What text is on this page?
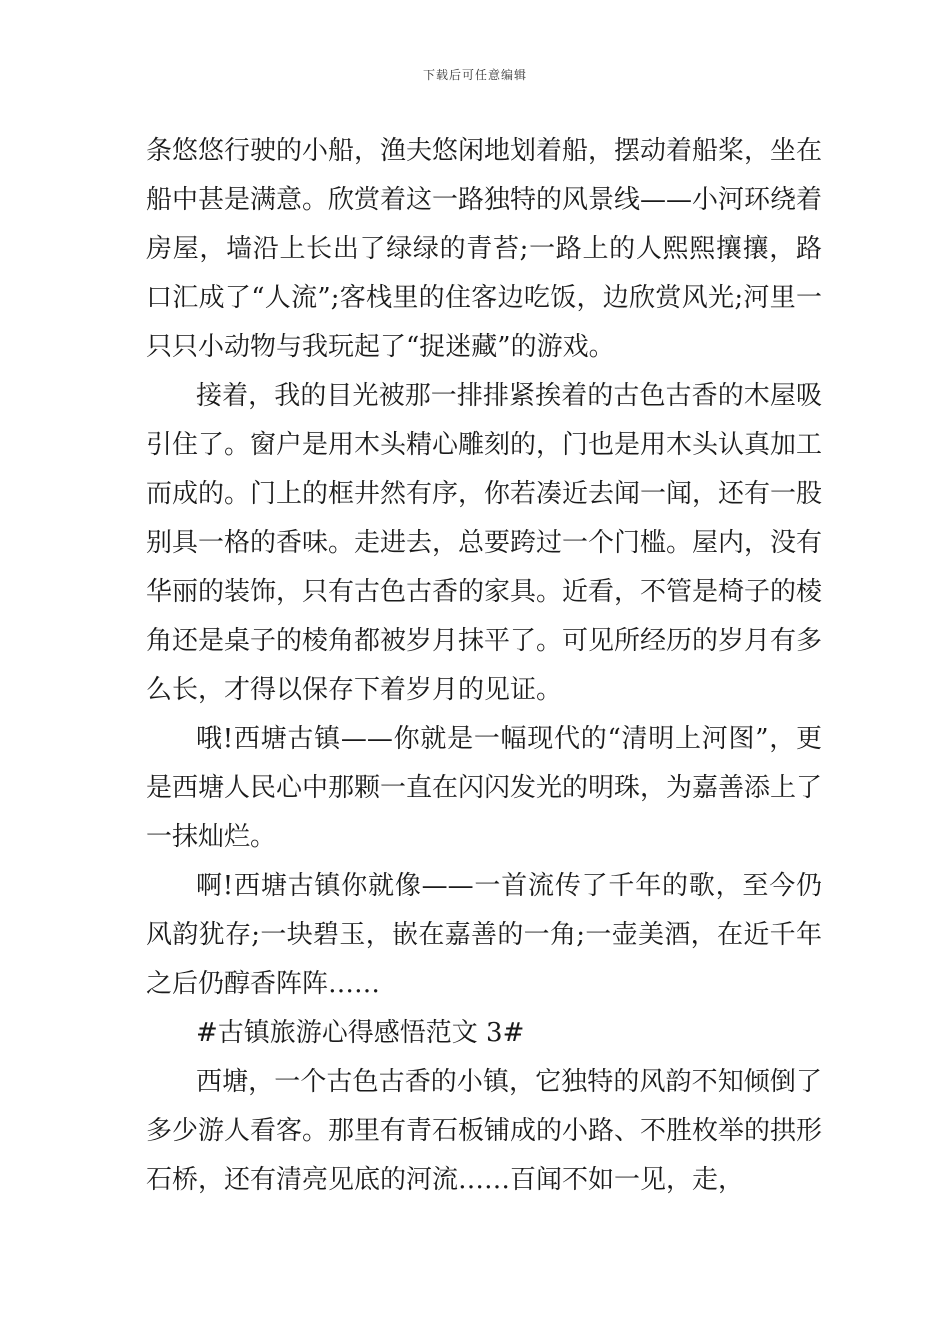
下载后可任意编辑

条悠悠行驶的小船，渔夫悠闲地划着船，摆动着船桨，坐在船中甚是满意。欣赏着这一路独特的风景线——小河环绕着房屋，墙沿上长出了绿绿的青苔;一路上的人熙熙攘攘，路口汇成了“人流”;客栈里的住客边吃饭，边欣赏风光;河里一只只小动物与我玩起了“捉迷藏”的游戏。

接着，我的目光被那一排排紧挨着的古色古香的木屋吸引住了。窗户是用木头精心雕刻的，门也是用木头认真加工而成的。门上的框井然有序，你若凑近去闻一闻，还有一股别具一格的香味。走进去，总要跨过一个门槛。屋内，没有华丽的装饰，只有古色古香的家具。近看，不管是椅子的棱角还是桌子的棱角都被岁月抹平了。可见所经历的岁月有多么长，才得以保存下着岁月的见证。

哦!西塘古镇——你就是一幅现代的“清明上河图”，更是西塘人民心中那颗一直在闪闪发光的明珠，为嘉善添上了一抹灿烂。

啊!西塘古镇你就像——一首流传了千年的歌，至今仍风韵犹存;一块碧玉，嵌在嘉善的一角;一壶美酒，在近千年之后仍醇香阵阵……

#古镇旅游心得感悟范文 3#

西塘，一个古色古香的小镇，它独特的风韵不知倾倒了多少游人看客。那里有青石板铺成的小路、不胜枚举的拱形石桥，还有清亮见底的河流……百闻不如一见，走，
